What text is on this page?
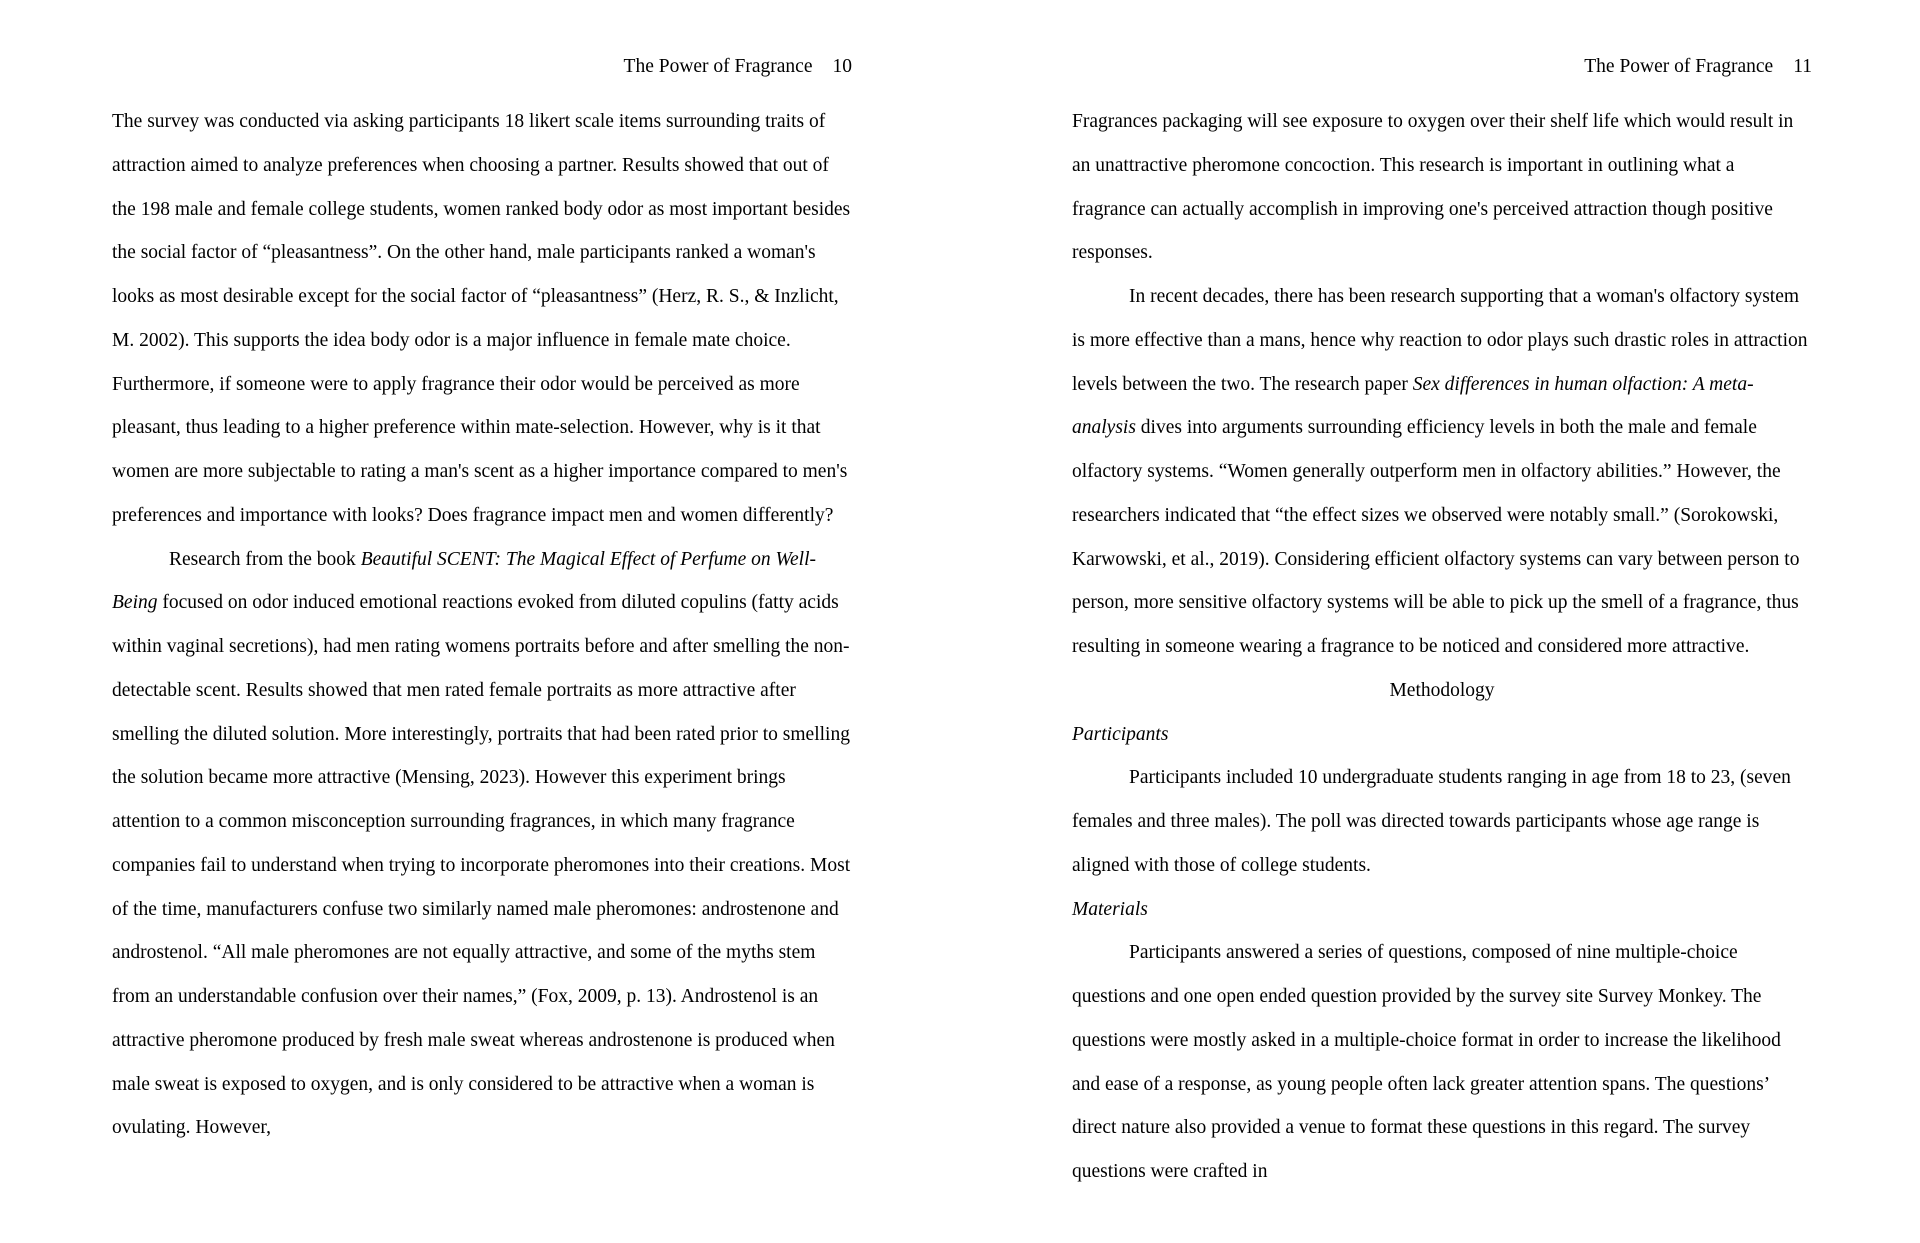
The Power of Fragrance 10

The survey was conducted via asking participants 18 likert scale items surrounding traits of attraction aimed to analyze preferences when choosing a partner. Results showed that out of the 198 male and female college students, women ranked body odor as most important besides the social factor of “pleasantness”. On the other hand, male participants ranked a woman's looks as most desirable except for the social factor of “pleasantness” (Herz, R. S., & Inzlicht, M. 2002). This supports the idea body odor is a major influence in female mate choice. Furthermore, if someone were to apply fragrance their odor would be perceived as more pleasant, thus leading to a higher preference within mate-selection. However, why is it that women are more subjectable to rating a man's scent as a higher importance compared to men's preferences and importance with looks? Does fragrance impact men and women differently?

Research from the book Beautiful SCENT: The Magical Effect of Perfume on Well-Being focused on odor induced emotional reactions evoked from diluted copulins (fatty acids within vaginal secretions), had men rating womens portraits before and after smelling the non-detectable scent. Results showed that men rated female portraits as more attractive after smelling the diluted solution. More interestingly, portraits that had been rated prior to smelling the solution became more attractive (Mensing, 2023). However this experiment brings attention to a common misconception surrounding fragrances, in which many fragrance companies fail to understand when trying to incorporate pheromones into their creations. Most of the time, manufacturers confuse two similarly named male pheromones: androstenone and androstenol. “All male pheromones are not equally attractive, and some of the myths stem from an understandable confusion over their names,” (Fox, 2009, p. 13). Androstenol is an attractive pheromone produced by fresh male sweat whereas androstenone is produced when male sweat is exposed to oxygen, and is only considered to be attractive when a woman is ovulating. However,

The Power of Fragrance 11

Fragrances packaging will see exposure to oxygen over their shelf life which would result in an unattractive pheromone concoction. This research is important in outlining what a fragrance can actually accomplish in improving one's perceived attraction though positive responses.

In recent decades, there has been research supporting that a woman's olfactory system is more effective than a mans, hence why reaction to odor plays such drastic roles in attraction levels between the two. The research paper Sex differences in human olfaction: A meta-analysis dives into arguments surrounding efficiency levels in both the male and female olfactory systems. “Women generally outperform men in olfactory abilities.” However, the researchers indicated that “the effect sizes we observed were notably small.” (Sorokowski, Karwowski, et al., 2019). Considering efficient olfactory systems can vary between person to person, more sensitive olfactory systems will be able to pick up the smell of a fragrance, thus resulting in someone wearing a fragrance to be noticed and considered more attractive.

Methodology

Participants

Participants included 10 undergraduate students ranging in age from 18 to 23, (seven females and three males). The poll was directed towards participants whose age range is aligned with those of college students.

Materials

Participants answered a series of questions, composed of nine multiple-choice questions and one open ended question provided by the survey site Survey Monkey. The questions were mostly asked in a multiple-choice format in order to increase the likelihood and ease of a response, as young people often lack greater attention spans. The questions’ direct nature also provided a venue to format these questions in this regard. The survey questions were crafted in
